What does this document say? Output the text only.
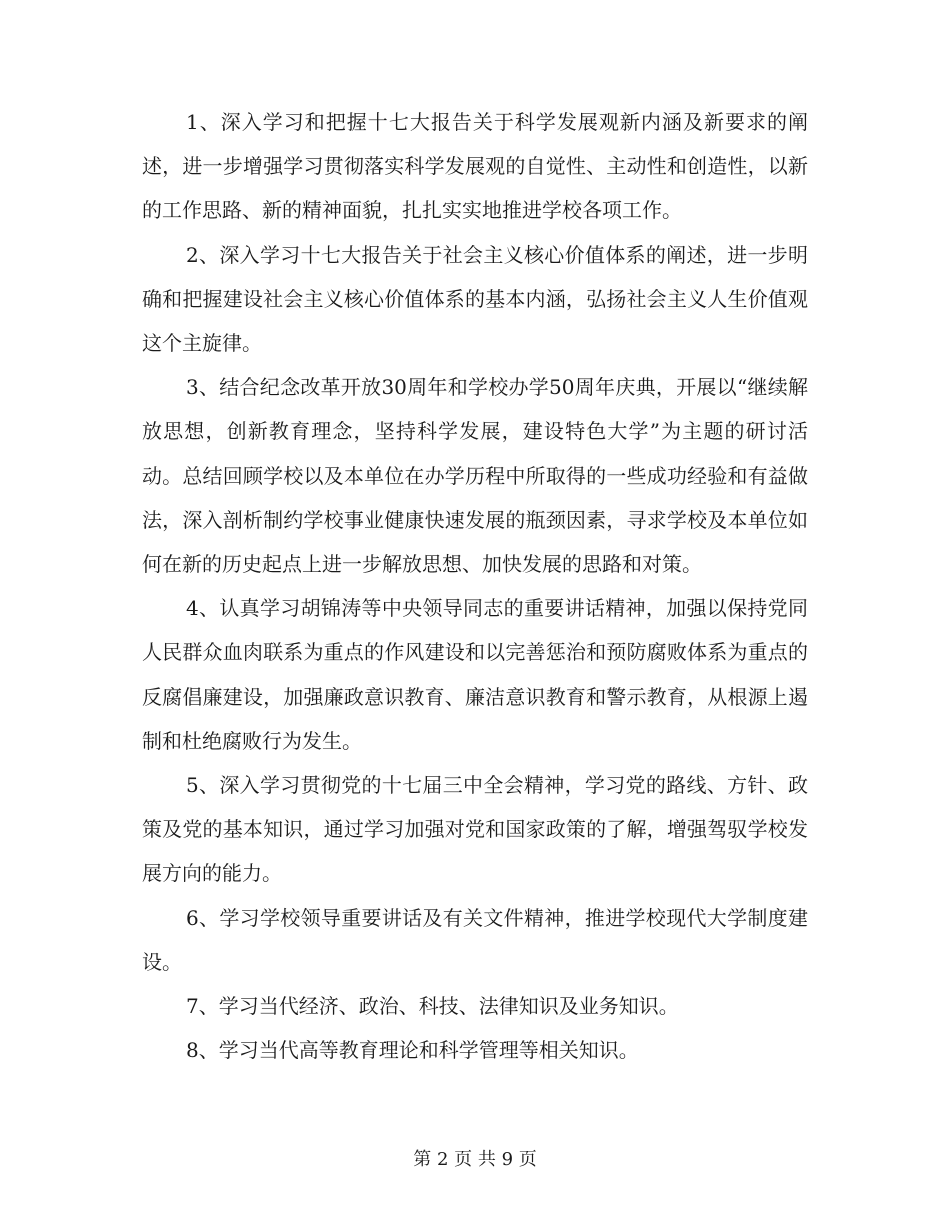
1、深入学习和把握十七大报告关于科学发展观新内涵及新要求的阐述，进一步增强学习贯彻落实科学发展观的自觉性、主动性和创造性，以新的工作思路、新的精神面貌，扎扎实实地推进学校各项工作。

2、深入学习十七大报告关于社会主义核心价值体系的阐述，进一步明确和把握建设社会主义核心价值体系的基本内涵，弘扬社会主义人生价值观这个主旋律。

3、结合纪念改革开放30周年和学校办学50周年庆典，开展以“继续解放思想，创新教育理念，坚持科学发展，建设特色大学”为主题的研讨活动。总结回顾学校以及本单位在办学历程中所取得的一些成功经验和有益做法，深入剖析制约学校事业健康快速发展的瓶颈因素，寻求学校及本单位如何在新的历史起点上进一步解放思想、加快发展的思路和对策。

4、认真学习胡锦涛等中央领导同志的重要讲话精神，加强以保持党同人民群众血肉联系为重点的作风建设和以完善惩治和预防腐败体系为重点的反腐倡廉建设，加强廉政意识教育、廉洁意识教育和警示教育，从根源上遏制和杜绝腐败行为发生。

5、深入学习贯彻党的十七届三中全会精神，学习党的路线、方针、政策及党的基本知识，通过学习加强对党和国家政策的了解，增强驾驭学校发展方向的能力。

6、学习学校领导重要讲话及有关文件精神，推进学校现代大学制度建设。

7、学习当代经济、政治、科技、法律知识及业务知识。

8、学习当代高等教育理论和科学管理等相关知识。

第 2 页 共 9 页
